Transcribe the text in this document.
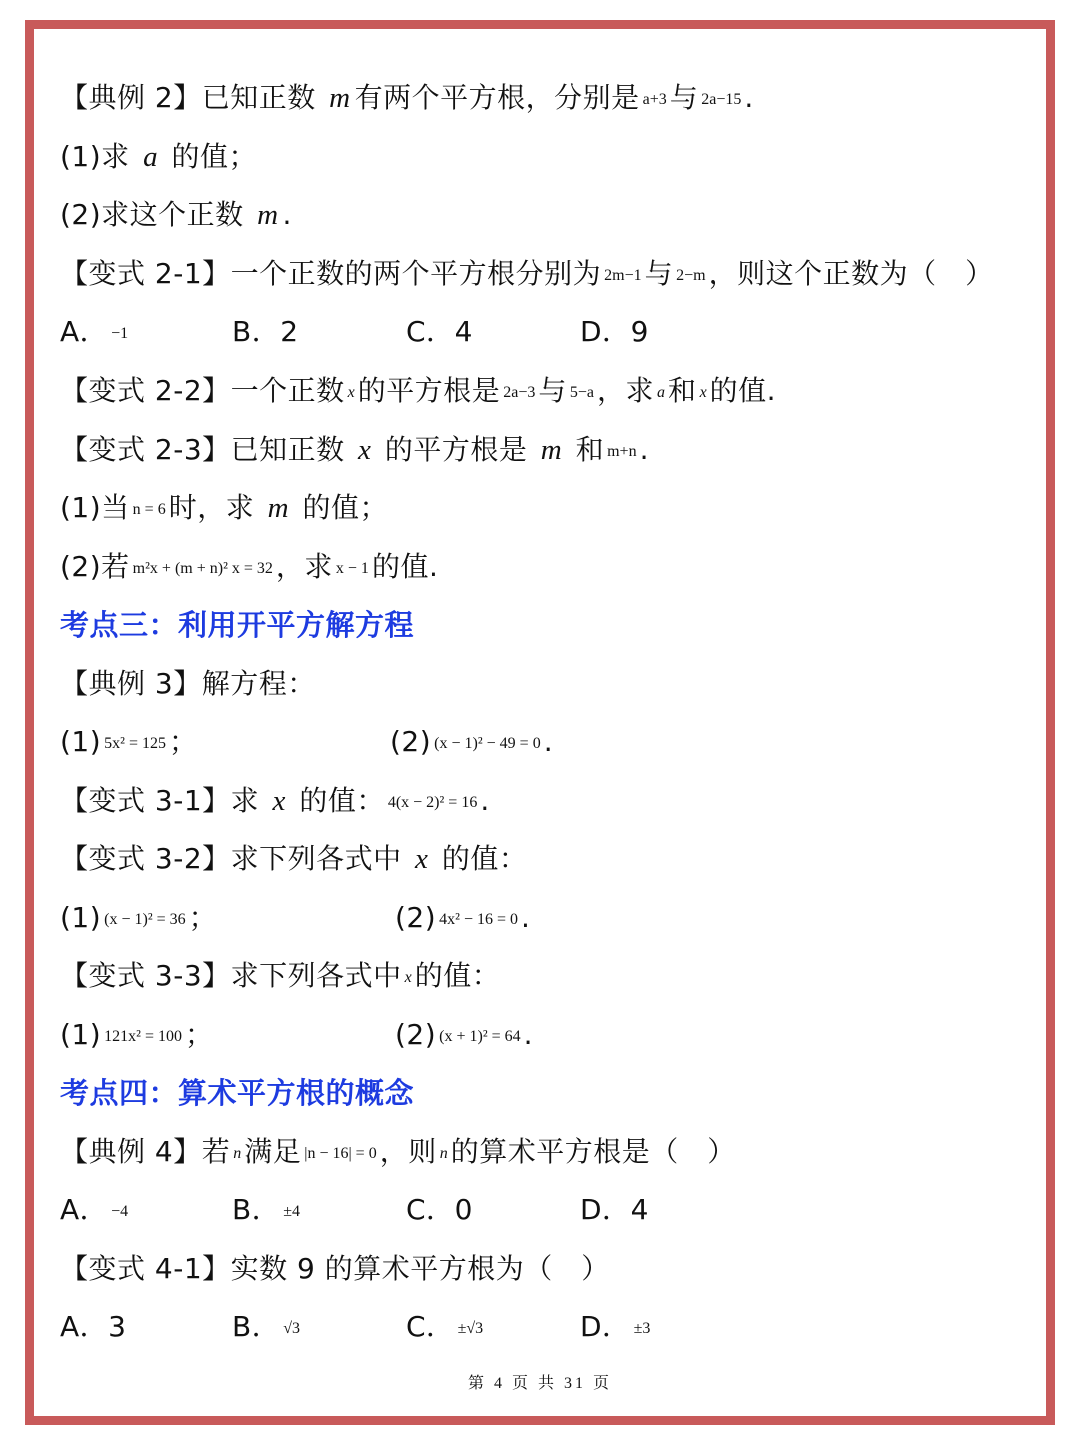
【典例 2】已知正数 m 有两个平方根，分别是 a+3 与 2a−15 .
(1)求 a 的值；
(2)求这个正数 m .
【变式 2-1】一个正数的两个平方根分别为 2m−1 与 2−m ，则这个正数为（　）
A． −1	B．2	C．4	D．9
【变式 2-2】一个正数 x 的平方根是 2a−3 与 5−a ，求 a 和 x 的值.
【变式 2-3】已知正数 x 的平方根是 m 和 m+n .
(1)当 n = 6 时，求 m 的值；
(2)若 m²x + (m + n)² x = 32 ，求 x − 1 的值.
考点三：利用开平方解方程
【典例 3】解方程：
(1) 5x² = 125 ；	(2) (x − 1)² − 49 = 0 .
【变式 3-1】求 x 的值： 4(x − 2)² = 16 .
【变式 3-2】求下列各式中 x 的值：
(1) (x − 1)² = 36 ；	(2) 4x² − 16 = 0 .
【变式 3-3】求下列各式中 x 的值：
(1) 121x² = 100 ；	(2) (x + 1)² = 64 .
考点四：算术平方根的概念
【典例 4】若 n 满足 |n − 16| = 0 ，则 n 的算术平方根是（　）
A． −4	B． ±4	C．0	D．4
【变式 4-1】实数 9 的算术平方根为（　）
A．3	B． √3	C． ±√3	D． ±3
第 4 页 共 31 页
